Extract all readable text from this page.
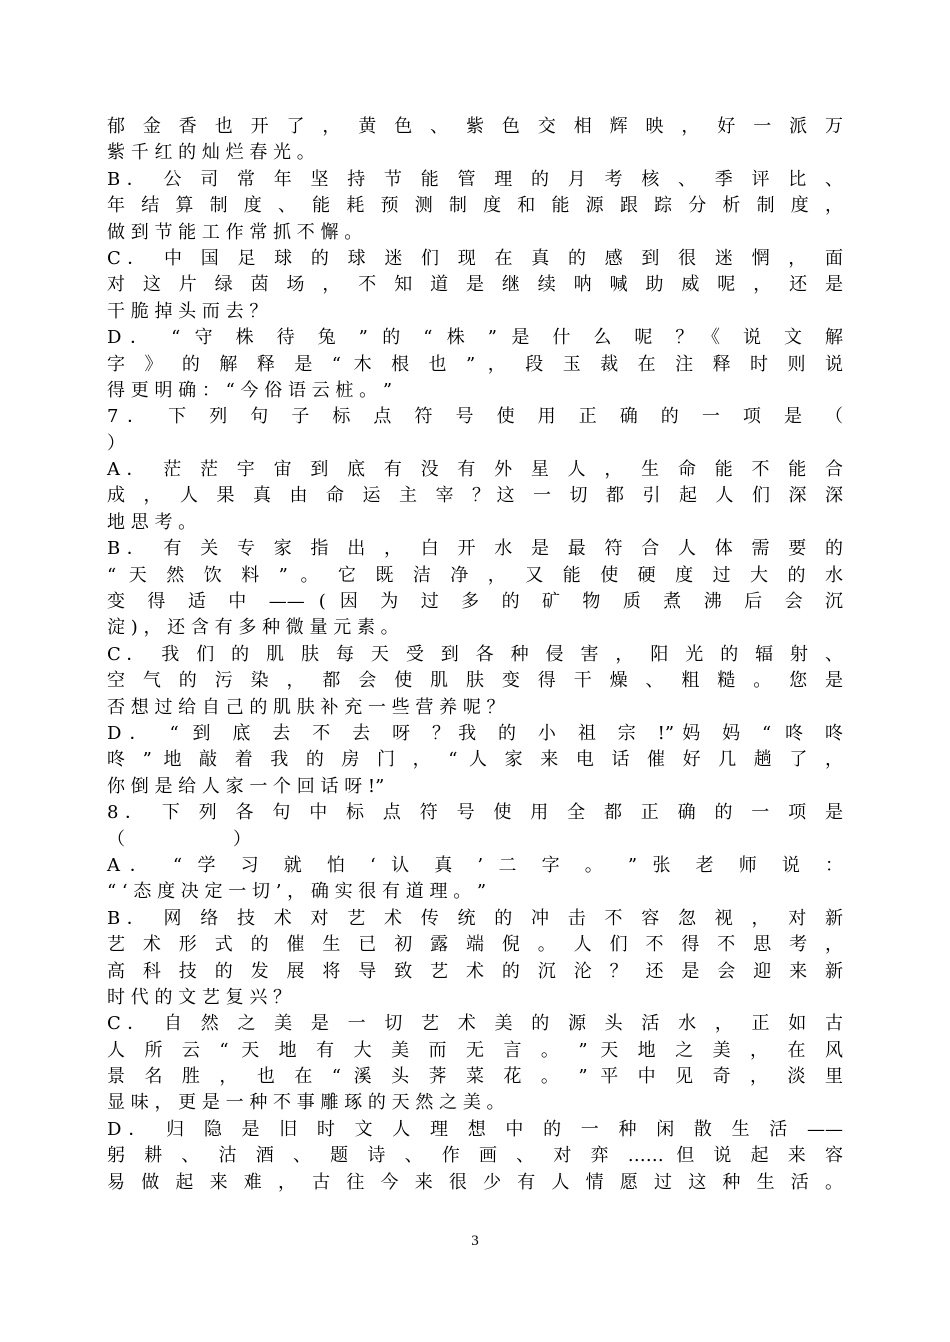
郁 金 香 也 开 了 ， 黄 色 、 紫 色 交 相 辉 映 ， 好 一 派 万
紫 千 红 的 灿 烂 春 光 。
B． 公 司 常 年 坚 持 节 能 管 理 的 月 考 核 、 季 评 比 、
年 结 算 制 度 、 能 耗 预 测 制 度 和 能 源 跟 踪 分 析 制 度 ，
做 到 节 能 工 作 常 抓 不 懈 。
C． 中 国 足 球 的 球 迷 们 现 在 真 的 感 到 很 迷 惘 ， 面
对 这 片 绿 茵 场 ， 不 知 道 是 继 续 呐 喊 助 威 呢 ， 还 是
干 脆 掉 头 而 去 ？
D． “ 守 株 待 兔 ” 的 “ 株 ” 是 什 么 呢 ？《 说 文 解
字 》 的 解 释 是 “ 木 根 也 ” ， 段 玉 裁 在 注 释 时 则 说
得 更 明 确 ： “ 今 俗 语 云 桩 。 ”
7． 下 列 句 子 标 点 符 号 使 用 正 确 的 一 项 是 （
）
A． 茫 茫 宇 宙 到 底 有 没 有 外 星 人 ， 生 命 能 不 能 合
成 ， 人 果 真 由 命 运 主 宰 ？这 一 切 都 引 起 人 们 深 深
地 思 考 。
B． 有 关 专 家 指 出 ， 白 开 水 是 最 符 合 人 体 需 要 的
“ 天 然 饮 料 ” 。 它 既 洁 净 ， 又 能 使 硬 度 过 大 的 水
变 得 适 中 —— ( 因 为 过 多 的 矿 物 质 煮 沸 后 会 沉
淀 ) ， 还 含 有 多 种 微 量 元 素 。
C． 我 们 的 肌 肤 每 天 受 到 各 种 侵 害 ， 阳 光 的 辐 射 、
空 气 的 污 染 ， 都 会 使 肌 肤 变 得 干 燥 、 粗 糙 。 您 是
否 想 过 给 自 己 的 肌 肤 补 充 一 些 营 养 呢 ？
D． “ 到 底 去 不 去 呀 ？我 的 小 祖 宗 !”妈 妈 “ 咚 咚
咚 ” 地 敲 着 我 的 房 门 ， “ 人 家 来 电 话 催 好 几 趟 了 ，
你 倒 是 给 人 家 一 个 回 话 呀 !”
8． 下 列 各 句 中 标 点 符 号 使 用 全 都 正 确 的 一 项 是
（　　　　　　）
A． “ 学 习 就 怕 ‘ 认 真 ’ 二 字 。 ” 张 老 师 说 ：
“ ‘ 态 度 决 定 一 切 ’ ， 确 实 很 有 道 理 。 ”
B． 网 络 技 术 对 艺 术 传 统 的 冲 击 不 容 忽 视 ， 对 新
艺 术 形 式 的 催 生 已 初 露 端 倪 。 人 们 不 得 不 思 考 ，
高 科 技 的 发 展 将 导 致 艺 术 的 沉 沦 ？ 还 是 会 迎 来 新
时 代 的 文 艺 复 兴 ？
C． 自 然 之 美 是 一 切 艺 术 美 的 源 头 活 水 ， 正 如 古
人 所 云 “ 天 地 有 大 美 而 无 言 。 ” 天 地 之 美 ， 在 风
景 名 胜 ， 也 在 “ 溪 头 荠 菜 花 。 ” 平 中 见 奇 ， 淡 里
显 味 ， 更 是 一 种 不 事 雕 琢 的 天 然 之 美 。
D． 归 隐 是 旧 时 文 人 理 想 中 的 一 种 闲 散 生 活 ——
躬 耕 、 沽 酒 、 题 诗 、 作 画 、 对 弈 …… 但 说 起 来 容
易 做 起 来 难 ， 古 往 今 来 很 少 有 人 情 愿 过 这 种 生 活 。
3
